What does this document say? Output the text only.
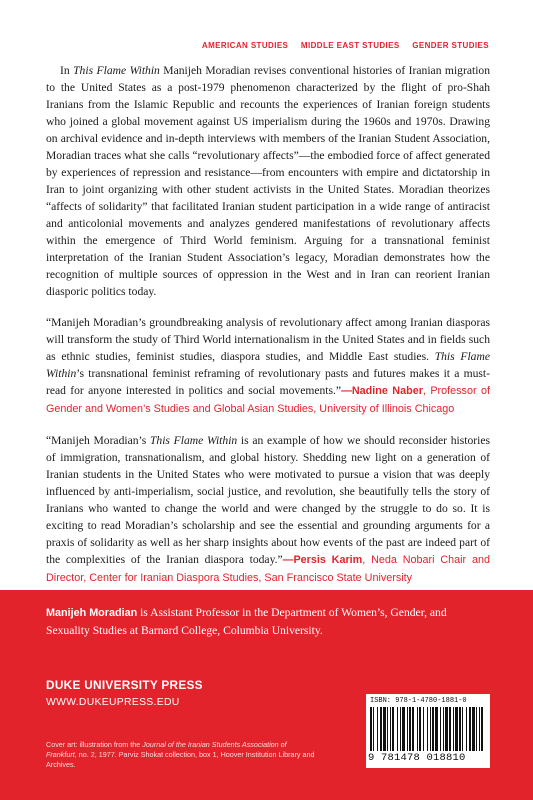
AMERICAN STUDIES MIDDLE EAST STUDIES GENDER STUDIES

In This Flame Within Manijeh Moradian revises conventional histories of Iranian migration to the United States as a post-1979 phenomenon characterized by the flight of pro-Shah Iranians from the Islamic Republic and recounts the experiences of Iranian foreign students who joined a global movement against US imperialism during the 1960s and 1970s. Drawing on archival evidence and in-depth interviews with members of the Iranian Student Association, Moradian traces what she calls “revolutionary affects”—the embodied force of affect generated by experiences of repression and resistance—from encounters with empire and dictatorship in Iran to joint organizing with other student activists in the United States. Moradian theorizes “affects of solidarity” that facilitated Iranian student participation in a wide range of antiracist and anticolonial movements and analyzes gendered manifestations of revolutionary affects within the emergence of Third World feminism. Arguing for a transnational feminist interpretation of the Iranian Student Association’s legacy, Moradian demonstrates how the recognition of multiple sources of oppression in the West and in Iran can reorient Iranian diasporic politics today.

“Manijeh Moradian’s groundbreaking analysis of revolutionary affect among Iranian diasporas will transform the study of Third World internationalism in the United States and in fields such as ethnic studies, feminist studies, diaspora studies, and Middle East studies. This Flame Within’s transnational feminist reframing of revolutionary pasts and futures makes it a must-read for anyone interested in politics and social movements.”—Nadine Naber, Professor of Gender and Women’s Studies and Global Asian Studies, University of Illinois Chicago

“Manijeh Moradian’s This Flame Within is an example of how we should reconsider histories of immigration, transnationalism, and global history. Shedding new light on a generation of Iranian students in the United States who were motivated to pursue a vision that was deeply influenced by anti-imperialism, social justice, and revolution, she beautifully tells the story of Iranians who wanted to change the world and were changed by the struggle to do so. It is exciting to read Moradian’s scholarship and see the essential and grounding arguments for a praxis of solidarity as well as her sharp insights about how events of the past are indeed part of the complexities of the Iranian diaspora today.”—Persis Karim, Neda Nobari Chair and Director, Center for Iranian Diaspora Studies, San Francisco State University

Manijeh Moradian is Assistant Professor in the Department of Women’s, Gender, and Sexuality Studies at Barnard College, Columbia University.

DUKE UNIVERSITY PRESS
WWW.DUKEUPRESS.EDU

Cover art: illustration from the Journal of the Iranian Students Association of Frankfurt, no. 2, 1977. Parviz Shokat collection, box 1, Hoover Institution Library and Archives.

ISBN: 978-1-4780-1881-0
9 781478 018810
